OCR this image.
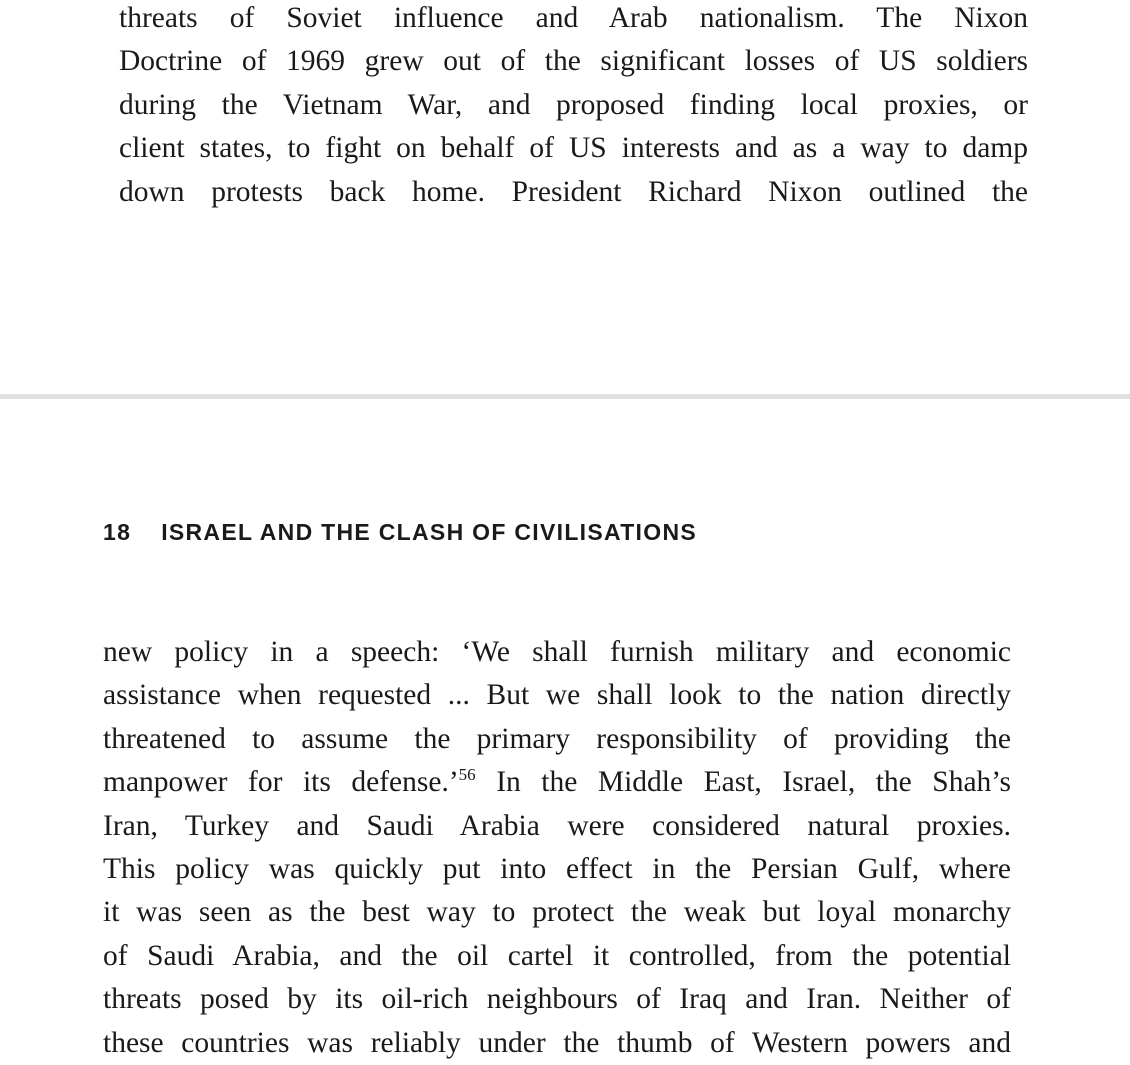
threats of Soviet influence and Arab nationalism. The Nixon
Doctrine of 1969 grew out of the significant losses of US soldiers
during the Vietnam War, and proposed finding local proxies, or
client states, to fight on behalf of US interests and as a way to damp
down protests back home. President Richard Nixon outlined the
18 ISRAEL AND THE CLASH OF CIVILISATIONS
new policy in a speech: ‘We shall furnish military and economic
assistance when requested ... But we shall look to the nation directly
threatened to assume the primary responsibility of providing the
manpower for its defense.’$^{56}$ In the Middle East, Israel, the Shah’s
Iran, Turkey and Saudi Arabia were considered natural proxies.
This policy was quickly put into effect in the Persian Gulf, where
it was seen as the best way to protect the weak but loyal monarchy
of Saudi Arabia, and the oil cartel it controlled, from the potential
threats posed by its oil-rich neighbours of Iraq and Iran. Neither of
these countries was reliably under the thumb of Western powers and
